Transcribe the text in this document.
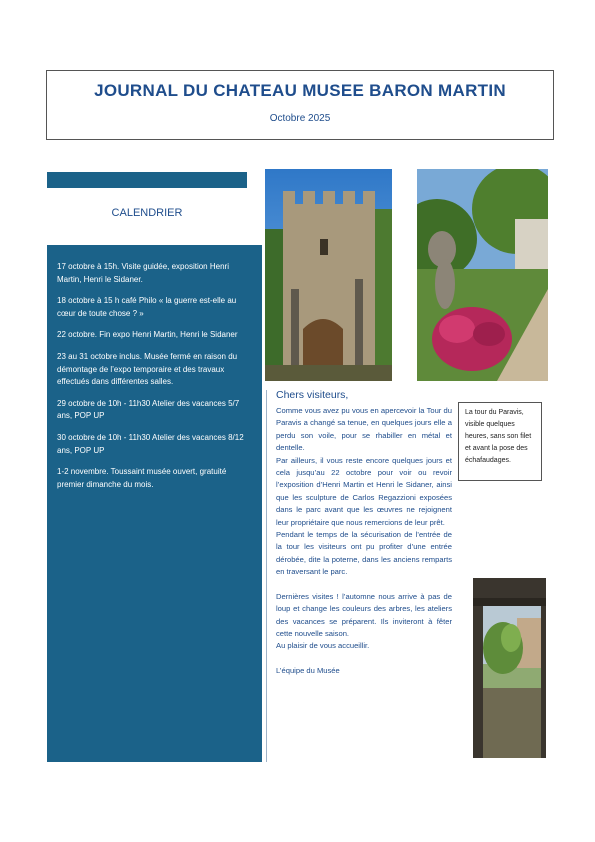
JOURNAL DU CHATEAU MUSEE BARON MARTIN
Octobre 2025
CALENDRIER

17 octobre à 15h. Visite guidée, exposition Henri Martin, Henri le Sidaner.

18 octobre à 15 h café Philo « la guerre est-elle au cœur de toute chose ? »

22 octobre. Fin expo Henri Martin, Henri le Sidaner

23 au 31 octobre inclus. Musée fermé en raison du démontage de l’expo temporaire et des travaux effectués dans différentes salles.

29 octobre de 10h - 11h30 Atelier des vacances 5/7 ans, POP UP

30 octobre de 10h - 11h30 Atelier des vacances 8/12 ans, POP UP

1-2 novembre. Toussaint musée ouvert, gratuité premier dimanche du mois.

La tour du Paravis, visible quelques heures, sans son filet et avant la pose des échafaudages.
Chers visiteurs,

Comme vous avez pu vous en apercevoir la Tour du Paravis a changé sa tenue, en quelques jours elle a perdu son voile, pour se rhabiller en métal et dentelle.

Par ailleurs, il vous reste encore quelques jours et cela jusqu’au 22 octobre pour voir ou revoir l’exposition d’Henri Martin et Henri le Sidaner, ainsi que les sculpture de Carlos Regazzioni exposées dans le parc avant que les œuvres ne rejoignent leur propriétaire que nous remercions de leur prêt.

Pendant le temps de la sécurisation de l’entrée de la tour les visiteurs ont pu profiter d’une entrée dérobée, dite la poterne, dans les anciens remparts en traversant le parc.

Dernières visites ! l’automne nous arrive à pas de loup et change les couleurs des arbres, les ateliers des vacances se préparent. Ils inviteront à fêter cette nouvelle saison.

Au plaisir de vous accueillir.

L’équipe du Musée
